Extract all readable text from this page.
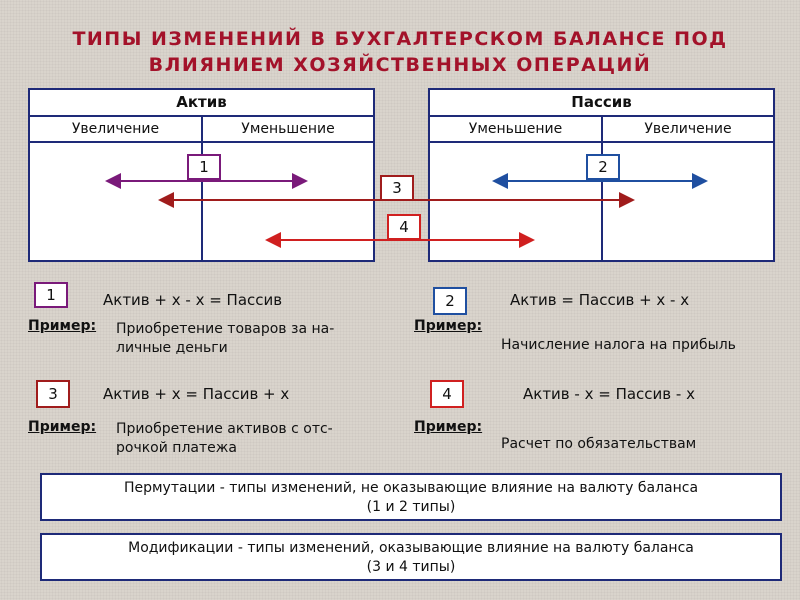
ТИПЫ ИЗМЕНЕНИЙ В БУХГАЛТЕРСКОМ БАЛАНСЕ ПОД
ВЛИЯНИЕМ ХОЗЯЙСТВЕННЫХ ОПЕРАЦИЙ
Актив
Увеличение	Уменьшение
Пассив
Уменьшение	Увеличение
1	2
3
4
1	Актив + х - х = Пассив
Пример: Приобретение товаров за на-
личные деньги
2	Актив = Пассив + х - х
Пример:
Начисление налога на прибыль
3	Актив + х = Пассив + х
Пример: Приобретение активов с отс-
рочкой платежа
4	Актив - х = Пассив - х
Пример:
Расчет по обязательствам
Пермутации - типы изменений, не оказывающие влияние на валюту баланса
(1 и 2 типы)
Модификации - типы изменений, оказывающие влияние на валюту баланса
(3 и 4 типы)
